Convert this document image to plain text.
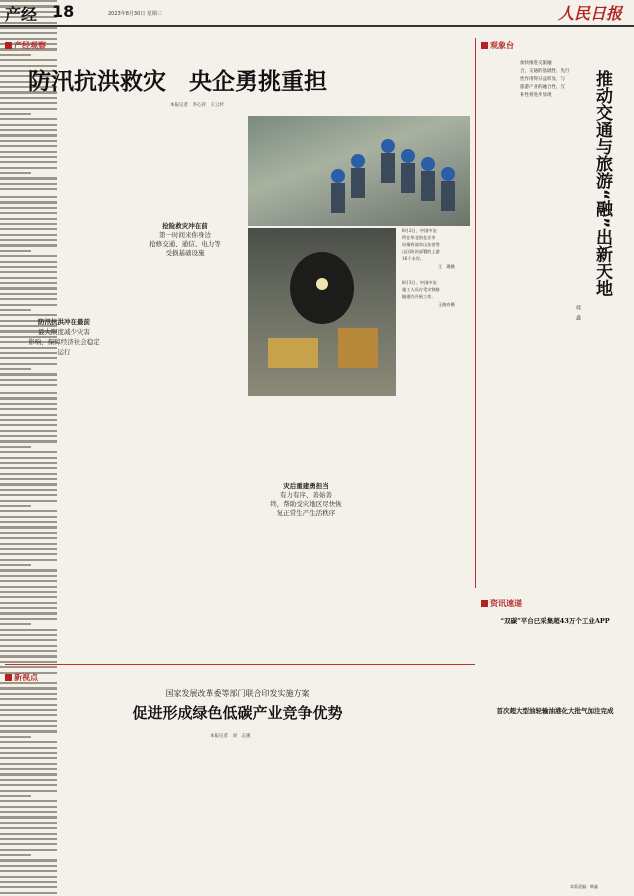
产经 18	2023年8月30日 星期三	人民日报
产经观察
防汛抗洪救灾　央企勇挑重担
本报记者　李心萍　王云杉
防汛抗洪冲在最前
最大限度减少灾害
影响，保障经济社会稳定
运行
抢险救灾冲在前
第一时间来你身边
抢修交通、通信、电力等
受损基础设施
8月2日，中国中冶
所在华北的北京市
局指挥部对山东省等
山区防汛部署的上游
16个水岸。
王　璞摄
8月3日，中国中冶
施工人员在受灾铁路
隧道内开展工作。
王晓舟摄
灾后重建勇担当
有力有序、善始善
终，帮助受灾地区尽快恢
复正常生产生活秩序
观象台
加快推进交旅融
合，交通的基础性、先行
性作用得日益彰显，与
旅游产业的融合性、互
补性将进步显现 推动交通与旅游“融”出新天地
韩　鑫
资讯速递
“双碳”平台已采集超43万个工业APP
首次超大型油轮输油港化大批气加注完成
本版责编：韩鑫
新视点
国家发展改革委等部门联合印发实施方案
促进形成绿色低碳产业竞争优势
本报记者　刘　志强
